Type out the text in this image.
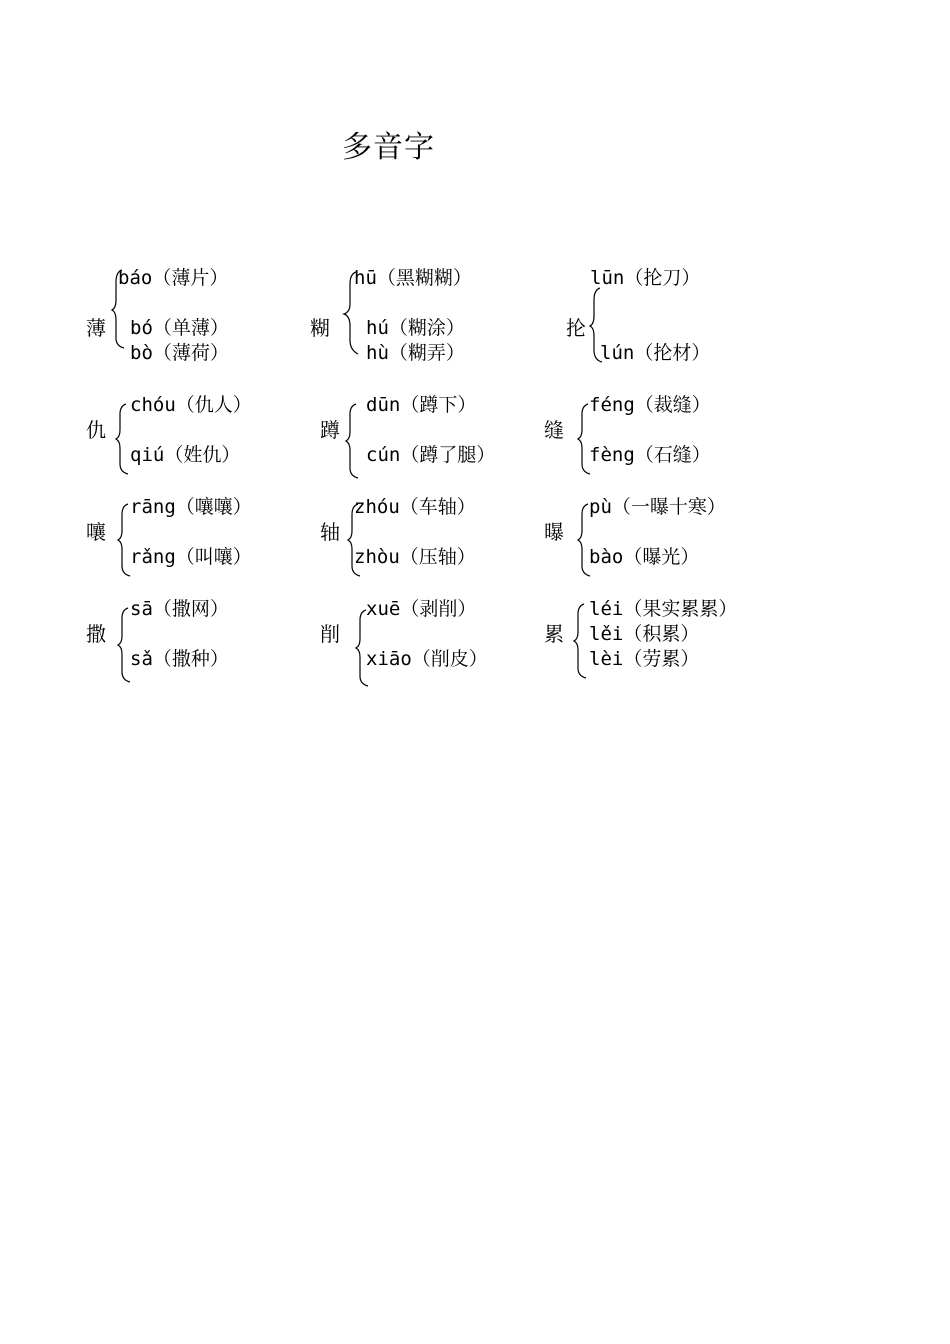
多音字
薄
báo（薄片）
bó（单薄）
bò（薄荷）
糊
hū（黑糊糊）
hú（糊涂）
hù（糊弄）
抡
lūn（抡刀）
lún（抡材）
仇
chóu（仇人）
qiú（姓仇）
蹲
dūn（蹲下）
cún（蹲了腿）
缝
féng（裁缝）
fèng（石缝）
嚷
rāng（嚷嚷）
rǎng（叫嚷）
轴
zhóu（车轴）
zhòu（压轴）
曝
pù（一曝十寒）
bào（曝光）
撒
sā（撒网）
sǎ（撒种）
削
xuē（剥削）
xiāo（削皮）
累
léi（果实累累）
lěi（积累）
lèi（劳累）
